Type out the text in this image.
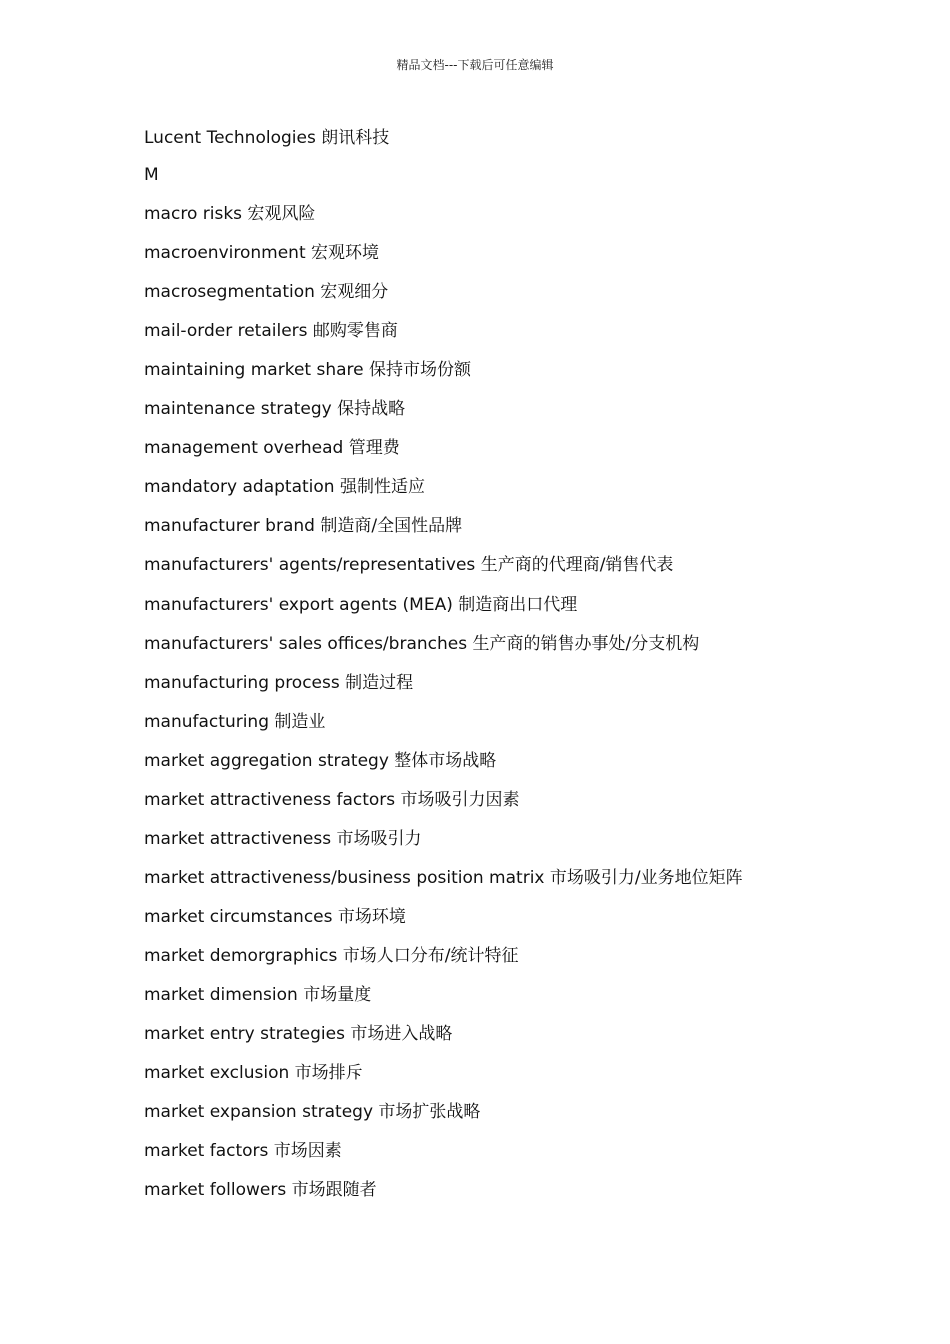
精品文档---下载后可任意编辑
Lucent Technologies 朗讯科技
M
macro risks 宏观风险
macroenvironment 宏观环境
macrosegmentation 宏观细分
mail-order retailers 邮购零售商
maintaining market share 保持市场份额
maintenance strategy 保持战略
management overhead 管理费
mandatory adaptation 强制性适应
manufacturer brand 制造商/全国性品牌
manufacturers' agents/representatives 生产商的代理商/销售代表
manufacturers' export agents (MEA) 制造商出口代理
manufacturers' sales offices/branches 生产商的销售办事处/分支机构
manufacturing process 制造过程
manufacturing 制造业
market aggregation strategy 整体市场战略
market attractiveness factors 市场吸引力因素
market attractiveness 市场吸引力
market attractiveness/business position matrix 市场吸引力/业务地位矩阵
market circumstances 市场环境
market demorgraphics 市场人口分布/统计特征
market dimension 市场量度
market entry strategies 市场进入战略
market exclusion 市场排斥
market expansion strategy 市场扩张战略
market factors 市场因素
market followers 市场跟随者
